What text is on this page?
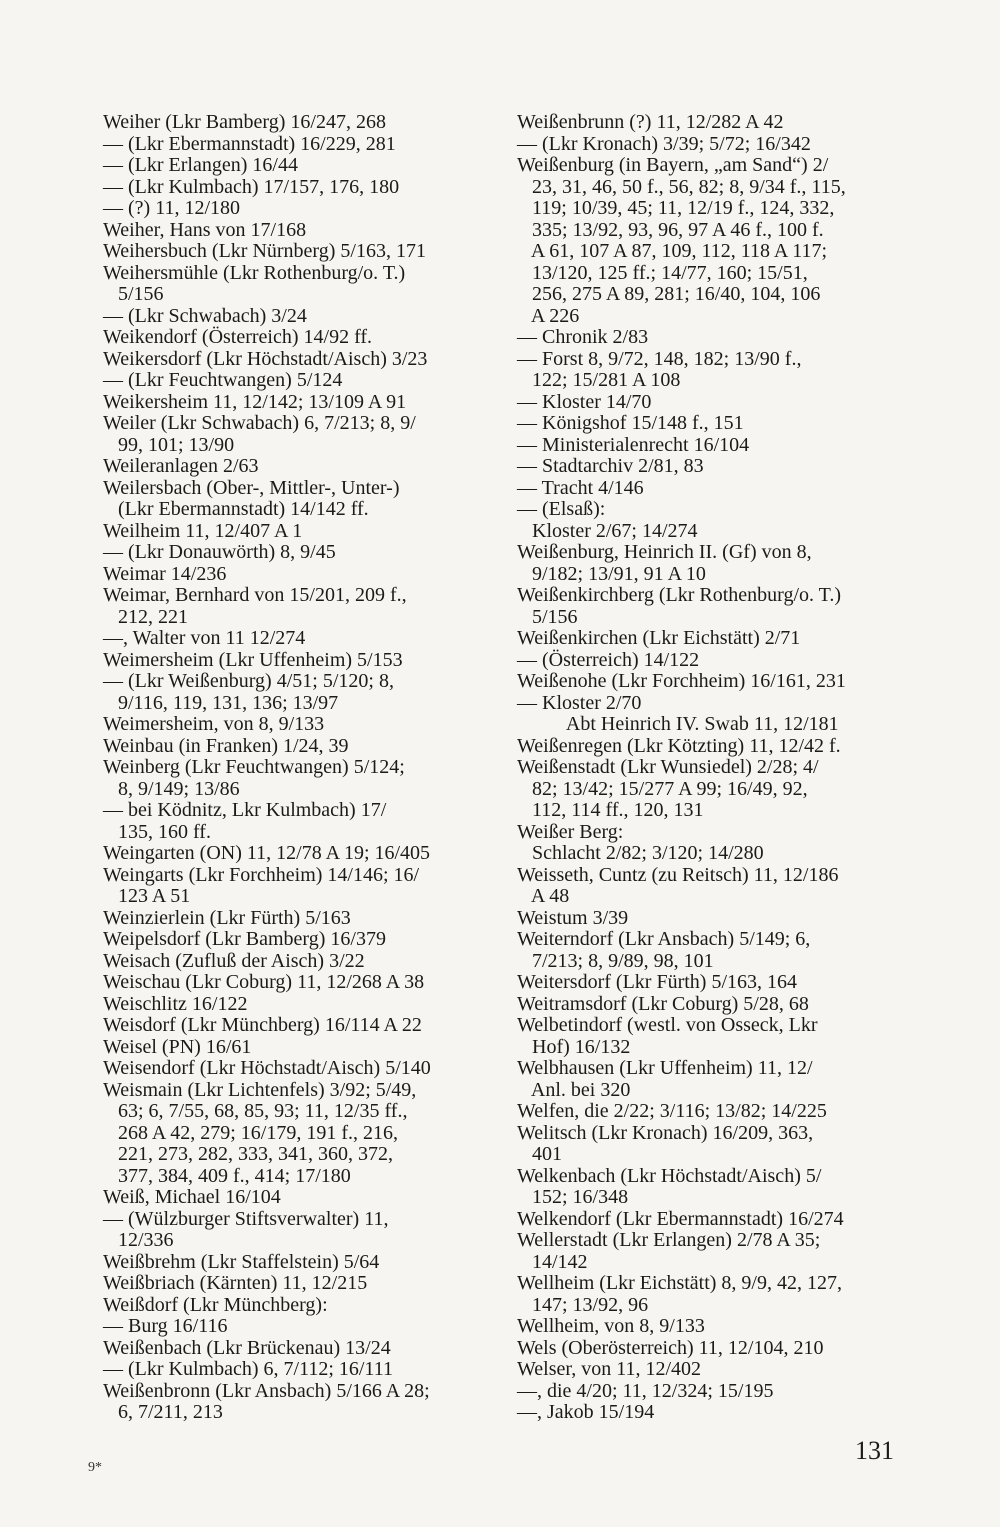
Weiher (Lkr Bamberg) 16/247, 268
— (Lkr Ebermannstadt) 16/229, 281
— (Lkr Erlangen) 16/44
— (Lkr Kulmbach) 17/157, 176, 180
— (?) 11, 12/180
Weiher, Hans von 17/168
Weihersbuch (Lkr Nürnberg) 5/163, 171
Weihersmühle (Lkr Rothenburg/o. T.)
5/156
— (Lkr Schwabach) 3/24
Weikendorf (Österreich) 14/92 ff.
Weikersdorf (Lkr Höchstadt/Aisch) 3/23
— (Lkr Feuchtwangen) 5/124
Weikersheim 11, 12/142; 13/109 A 91
Weiler (Lkr Schwabach) 6, 7/213; 8, 9/
99, 101; 13/90
Weileranlagen 2/63
Weilersbach (Ober-, Mittler-, Unter-)
(Lkr Ebermannstadt) 14/142 ff.
Weilheim 11, 12/407 A 1
— (Lkr Donauwörth) 8, 9/45
Weimar 14/236
Weimar, Bernhard von 15/201, 209 f.,
212, 221
—, Walter von 11 12/274
Weimersheim (Lkr Uffenheim) 5/153
— (Lkr Weißenburg) 4/51; 5/120; 8,
9/116, 119, 131, 136; 13/97
Weimersheim, von 8, 9/133
Weinbau (in Franken) 1/24, 39
Weinberg (Lkr Feuchtwangen) 5/124;
8, 9/149; 13/86
— bei Ködnitz, Lkr Kulmbach) 17/
135, 160 ff.
Weingarten (ON) 11, 12/78 A 19; 16/405
Weingarts (Lkr Forchheim) 14/146; 16/
123 A 51
Weinzierlein (Lkr Fürth) 5/163
Weipelsdorf (Lkr Bamberg) 16/379
Weisach (Zufluß der Aisch) 3/22
Weischau (Lkr Coburg) 11, 12/268 A 38
Weischlitz 16/122
Weisdorf (Lkr Münchberg) 16/114 A 22
Weisel (PN) 16/61
Weisendorf (Lkr Höchstadt/Aisch) 5/140
Weismain (Lkr Lichtenfels) 3/92; 5/49,
63; 6, 7/55, 68, 85, 93; 11, 12/35 ff.,
268 A 42, 279; 16/179, 191 f., 216,
221, 273, 282, 333, 341, 360, 372,
377, 384, 409 f., 414; 17/180
Weiß, Michael 16/104
— (Wülzburger Stiftsverwalter) 11,
12/336
Weißbrehm (Lkr Staffelstein) 5/64
Weißbriach (Kärnten) 11, 12/215
Weißdorf (Lkr Münchberg):
— Burg 16/116
Weißenbach (Lkr Brückenau) 13/24
— (Lkr Kulmbach) 6, 7/112; 16/111
Weißenbronn (Lkr Ansbach) 5/166 A 28;
6, 7/211, 213
Weißenbrunn (?) 11, 12/282 A 42
— (Lkr Kronach) 3/39; 5/72; 16/342
Weißenburg (in Bayern, „am Sand“) 2/
23, 31, 46, 50 f., 56, 82; 8, 9/34 f., 115,
119; 10/39, 45; 11, 12/19 f., 124, 332,
335; 13/92, 93, 96, 97 A 46 f., 100 f.
A 61, 107 A 87, 109, 112, 118 A 117;
13/120, 125 ff.; 14/77, 160; 15/51,
256, 275 A 89, 281; 16/40, 104, 106
A 226
— Chronik 2/83
— Forst 8, 9/72, 148, 182; 13/90 f.,
122; 15/281 A 108
— Kloster 14/70
— Königshof 15/148 f., 151
— Ministerialenrecht 16/104
— Stadtarchiv 2/81, 83
— Tracht 4/146
— (Elsaß):
Kloster 2/67; 14/274
Weißenburg, Heinrich II. (Gf) von 8,
9/182; 13/91, 91 A 10
Weißenkirchberg (Lkr Rothenburg/o. T.)
5/156
Weißenkirchen (Lkr Eichstätt) 2/71
— (Österreich) 14/122
Weißenohe (Lkr Forchheim) 16/161, 231
— Kloster 2/70
Abt Heinrich IV. Swab 11, 12/181
Weißenregen (Lkr Kötzting) 11, 12/42 f.
Weißenstadt (Lkr Wunsiedel) 2/28; 4/
82; 13/42; 15/277 A 99; 16/49, 92,
112, 114 ff., 120, 131
Weißer Berg:
Schlacht 2/82; 3/120; 14/280
Weisseth, Cuntz (zu Reitsch) 11, 12/186
A 48
Weistum 3/39
Weiterndorf (Lkr Ansbach) 5/149; 6,
7/213; 8, 9/89, 98, 101
Weitersdorf (Lkr Fürth) 5/163, 164
Weitramsdorf (Lkr Coburg) 5/28, 68
Welbetindorf (westl. von Osseck, Lkr
Hof) 16/132
Welbhausen (Lkr Uffenheim) 11, 12/
Anl. bei 320
Welfen, die 2/22; 3/116; 13/82; 14/225
Welitsch (Lkr Kronach) 16/209, 363,
401
Welkenbach (Lkr Höchstadt/Aisch) 5/
152; 16/348
Welkendorf (Lkr Ebermannstadt) 16/274
Wellerstadt (Lkr Erlangen) 2/78 A 35;
14/142
Wellheim (Lkr Eichstätt) 8, 9/9, 42, 127,
147; 13/92, 96
Wellheim, von 8, 9/133
Wels (Oberösterreich) 11, 12/104, 210
Welser, von 11, 12/402
—, die 4/20; 11, 12/324; 15/195
—, Jakob 15/194
131
9*
